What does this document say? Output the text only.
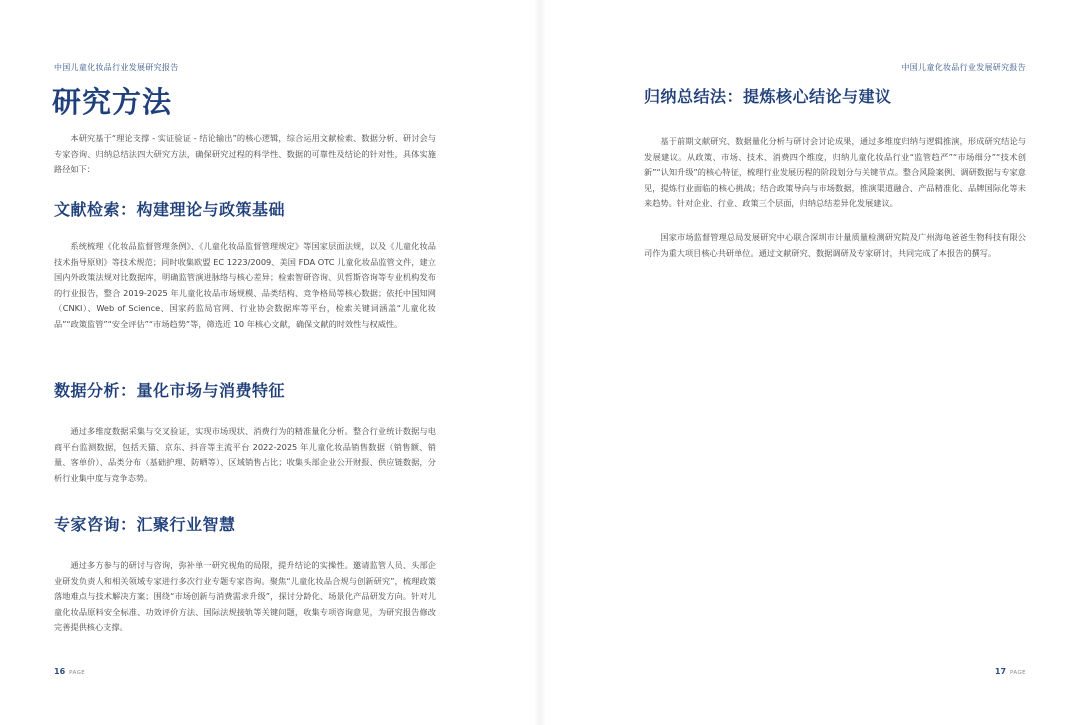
中国儿童化妆品行业发展研究报告
研究方法

本研究基于“理论支撑 - 实证验证 - 结论输出”的核心逻辑，综合运用文献检索、数据分析、研讨会与专家咨询、归纳总结法四大研究方法，确保研究过程的科学性、数据的可靠性及结论的针对性，具体实施路径如下：

文献检索：构建理论与政策基础

系统梳理《化妆品监督管理条例》、《儿童化妆品监督管理规定》等国家层面法规，以及《儿童化妆品技术指导原则》等技术规范；同时收集欧盟 EC 1223/2009、美国 FDA OTC 儿童化妆品监管文件，建立国内外政策法规对比数据库，明确监管演进脉络与核心差异；检索智研咨询、贝哲斯咨询等专业机构发布的行业报告，整合 2019-2025 年儿童化妆品市场规模、品类结构、竞争格局等核心数据；依托中国知网（CNKI）、Web of Science、国家药监局官网、行业协会数据库等平台，检索关键词涵盖“儿童化妆品”“政策监管”“安全评估”“市场趋势”等，筛选近 10 年核心文献，确保文献的时效性与权威性。

数据分析：量化市场与消费特征

通过多维度数据采集与交叉验证，实现市场现状、消费行为的精准量化分析。整合行业统计数据与电商平台监测数据，包括天猫、京东、抖音等主流平台 2022-2025 年儿童化妆品销售数据（销售额、销量、客单价）、品类分布（基础护理、防晒等）、区域销售占比；收集头部企业公开财报、供应链数据，分析行业集中度与竞争态势。

专家咨询：汇聚行业智慧

通过多方参与的研讨与咨询，弥补单一研究视角的局限，提升结论的实操性。邀请监管人员、头部企业研发负责人和相关领域专家进行多次行业专题专家咨询。聚焦“儿童化妆品合规与创新研究”，梳理政策落地难点与技术解决方案；围绕“市场创新与消费需求升级”，探讨分龄化、场景化产品研发方向。针对儿童化妆品原料安全标准、功效评价方法、国际法规接轨等关键问题，收集专项咨询意见，为研究报告修改完善提供核心支撑。

16 PAGE
中国儿童化妆品行业发展研究报告
归纳总结法：提炼核心结论与建议

基于前期文献研究、数据量化分析与研讨会讨论成果，通过多维度归纳与逻辑推演，形成研究结论与发展建议。从政策、市场、技术、消费四个维度，归纳儿童化妆品行业“监管趋严”“市场细分”“技术创新”“认知升级”的核心特征，梳理行业发展历程的阶段划分与关键节点。整合风险案例、调研数据与专家意见，提炼行业面临的核心挑战；结合政策导向与市场数据，推演渠道融合、产品精准化、品牌国际化等未来趋势。针对企业、行业、政策三个层面，归纳总结差异化发展建议。

国家市场监督管理总局发展研究中心联合深圳市计量质量检测研究院及广州海龟爸爸生物科技有限公司作为重大项目核心共研单位。通过文献研究、数据调研及专家研讨，共同完成了本报告的撰写。

17 PAGE
